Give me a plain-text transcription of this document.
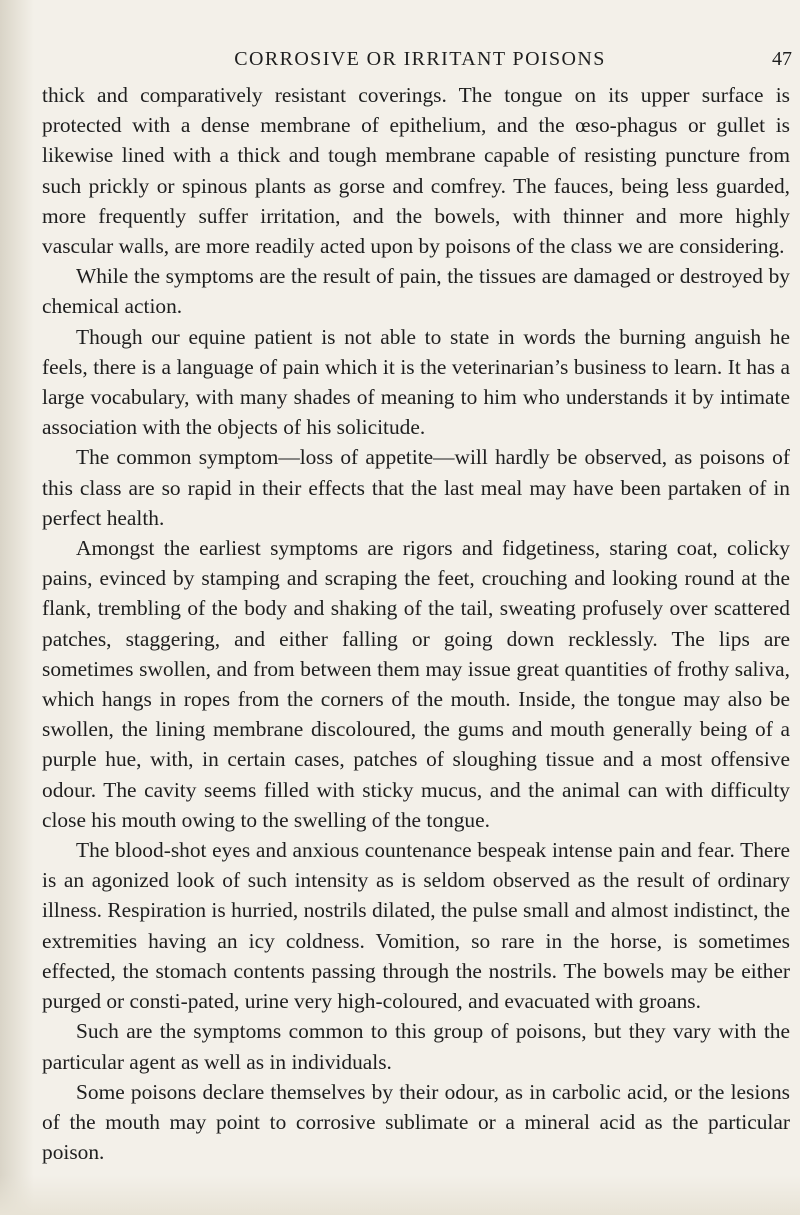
CORROSIVE OR IRRITANT POISONS	47

thick and comparatively resistant coverings. The tongue on its upper surface is protected with a dense membrane of epithelium, and the œso-phagus or gullet is likewise lined with a thick and tough membrane capable of resisting puncture from such prickly or spinous plants as gorse and comfrey. The fauces, being less guarded, more frequently suffer irritation, and the bowels, with thinner and more highly vascular walls, are more readily acted upon by poisons of the class we are considering.

While the symptoms are the result of pain, the tissues are damaged or destroyed by chemical action.

Though our equine patient is not able to state in words the burning anguish he feels, there is a language of pain which it is the veterinarian’s business to learn. It has a large vocabulary, with many shades of meaning to him who understands it by intimate association with the objects of his solicitude.

The common symptom—loss of appetite—will hardly be observed, as poisons of this class are so rapid in their effects that the last meal may have been partaken of in perfect health.

Amongst the earliest symptoms are rigors and fidgetiness, staring coat, colicky pains, evinced by stamping and scraping the feet, crouching and looking round at the flank, trembling of the body and shaking of the tail, sweating profusely over scattered patches, staggering, and either falling or going down recklessly. The lips are sometimes swollen, and from between them may issue great quantities of frothy saliva, which hangs in ropes from the corners of the mouth. Inside, the tongue may also be swollen, the lining membrane discoloured, the gums and mouth generally being of a purple hue, with, in certain cases, patches of sloughing tissue and a most offensive odour. The cavity seems filled with sticky mucus, and the animal can with difficulty close his mouth owing to the swelling of the tongue.

The blood-shot eyes and anxious countenance bespeak intense pain and fear. There is an agonized look of such intensity as is seldom observed as the result of ordinary illness. Respiration is hurried, nostrils dilated, the pulse small and almost indistinct, the extremities having an icy coldness. Vomition, so rare in the horse, is sometimes effected, the stomach contents passing through the nostrils. The bowels may be either purged or consti-pated, urine very high-coloured, and evacuated with groans.

Such are the symptoms common to this group of poisons, but they vary with the particular agent as well as in individuals.

Some poisons declare themselves by their odour, as in carbolic acid, or the lesions of the mouth may point to corrosive sublimate or a mineral acid as the particular poison.
